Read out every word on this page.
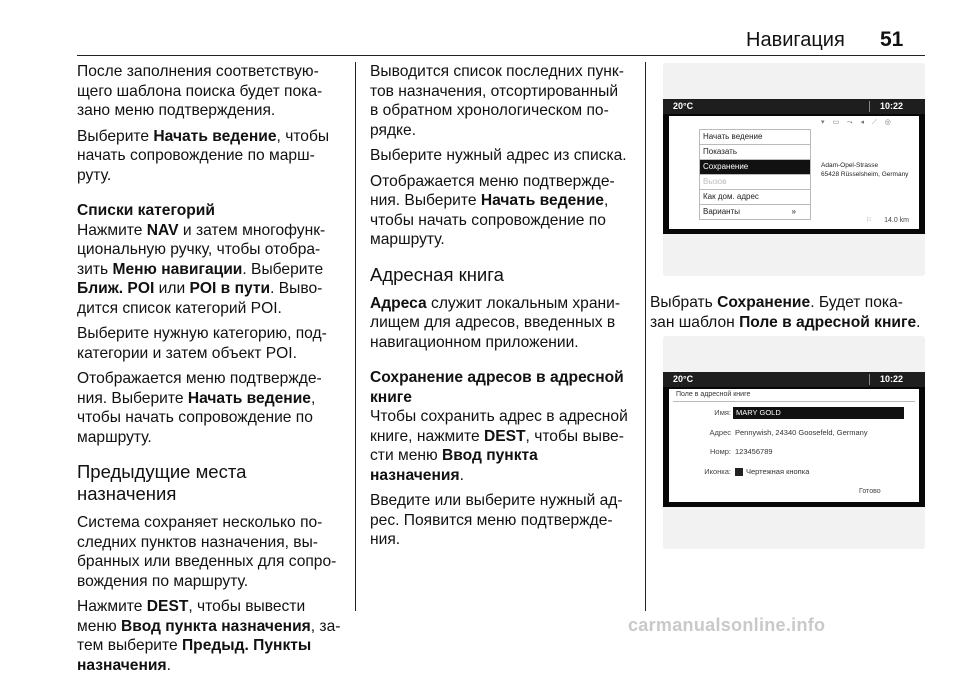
Навигация 51

После заполнения соответствую-
щего шаблона поиска будет пока-
зано меню подтверждения.

Выберите Начать ведение, чтобы
начать сопровождение по марш-
руту.

Списки категорий

Нажмите NAV и затем многофунк-
циональную ручку, чтобы отобра-
зить Меню навигации. Выберите
Ближ. POI или POI в пути. Выво-
дится список категорий POI.

Выберите нужную категорию, под-
категории и затем объект POI.

Отображается меню подтвержде-
ния. Выберите Начать ведение,
чтобы начать сопровождение по
маршруту.

Предыдущие места назначения

Система сохраняет несколько по-
следних пунктов назначения, вы-
бранных или введенных для сопро-
вождения по маршруту.

Нажмите DEST, чтобы вывести
меню Ввод пункта назначения, за-
тем выберите Предыд. Пункты
назначения.

Выводится список последних пунк-
тов назначения, отсортированный
в обратном хронологическом по-
рядке.

Выберите нужный адрес из списка.

Отображается меню подтвержде-
ния. Выберите Начать ведение,
чтобы начать сопровождение по
маршруту.

Адресная книга

Адреса служит локальным храни-
лищем для адресов, введенных в
навигационном приложении.

Сохранение адресов в адресной
книге

Чтобы сохранить адрес в адресной
книге, нажмите DEST, чтобы выве-
сти меню Ввод пункта назначения.

Введите или выберите нужный ад-
рес. Появится меню подтвержде-
ния.

20°C	10:22
▾ ▭ ⤳ ◂ ⟋ ◎
Начать ведение
Показать
Сохранение
Вызов
Как дом. адрес
Варианты	»
Adam-Opel-Strasse
65428 Rüsselsheim, Germany
⚐ 14.0 km

Выбрать Сохранение. Будет пока-
зан шаблон Поле в адресной книге.

20°C	10:22
Поле в адресной книге
Имя: MARY GOLD
Адрес Pennywish, 24340 Goosefeld, Germany
Номр: 123456789
Иконка:	Чертежная кнопка
Готово
carmanualsonline.info
